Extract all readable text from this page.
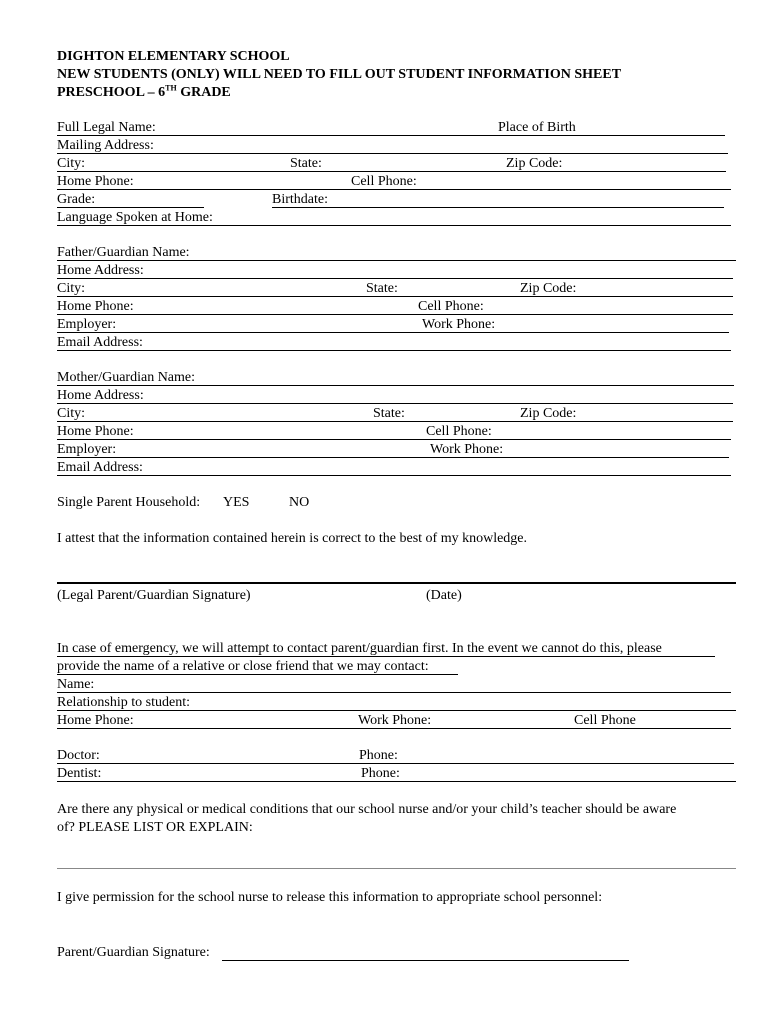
DIGHTON ELEMENTARY SCHOOL
NEW STUDENTS (ONLY) WILL NEED TO FILL OUT STUDENT INFORMATION SHEET
PRESCHOOL – 6TH GRADE
Full Legal Name:	Place of Birth
Mailing Address:
City:	State:	Zip Code:
Home Phone:	Cell Phone:
Grade:	Birthdate:
Language Spoken at Home:
Father/Guardian Name:
Home Address:
City:	State:	Zip Code:
Home Phone:	Cell Phone:
Employer:	Work Phone:
Email Address:
Mother/Guardian Name:
Home Address:
City:	State:	Zip Code:
Home Phone:	Cell Phone:
Employer:	Work Phone:
Email Address:
Single Parent Household: YES	NO
I attest that the information contained herein is correct to the best of my knowledge.
(Legal Parent/Guardian Signature)	(Date)
In case of emergency, we will attempt to contact parent/guardian first. In the event we cannot do this, please
provide the name of a relative or close friend that we may contact:
Name:
Relationship to student:
Home Phone:	Work Phone:	Cell Phone
Doctor:	Phone:
Dentist:	Phone:
Are there any physical or medical conditions that our school nurse and/or your child’s teacher should be aware
of? PLEASE LIST OR EXPLAIN:
I give permission for the school nurse to release this information to appropriate school personnel:
Parent/Guardian Signature:
